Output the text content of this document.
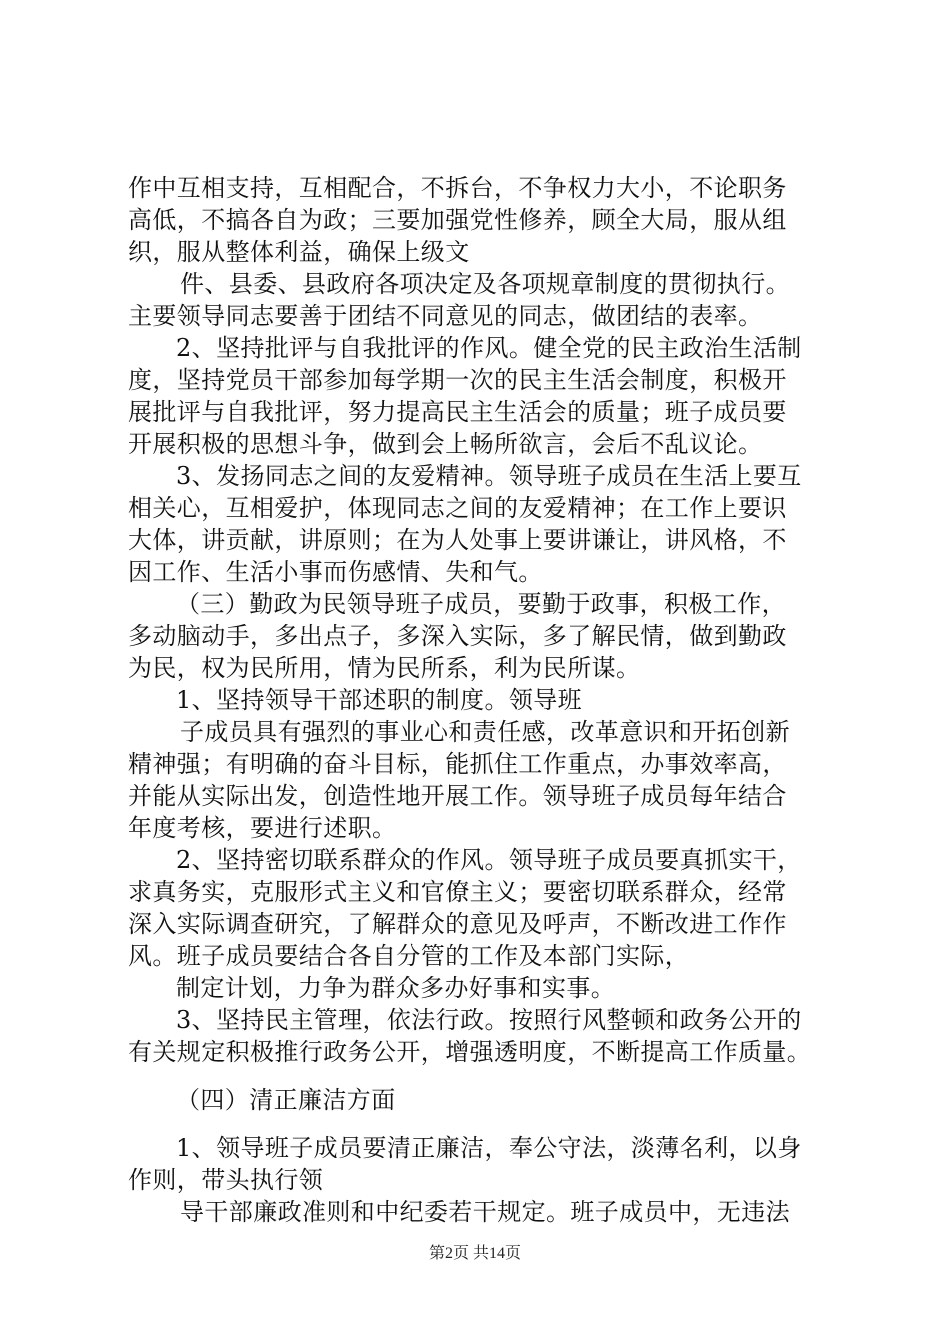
作中互相支持，互相配合，不拆台，不争权力大小，不论职务
高低，不搞各自为政；三要加强党性修养，顾全大局，服从组
织，服从整体利益，确保上级文
件、县委、县政府各项决定及各项规章制度的贯彻执行。
主要领导同志要善于团结不同意见的同志，做团结的表率。
2、坚持批评与自我批评的作风。健全党的民主政治生活制
度，坚持党员干部参加每学期一次的民主生活会制度，积极开
展批评与自我批评，努力提高民主生活会的质量；班子成员要
开展积极的思想斗争，做到会上畅所欲言，会后不乱议论。
3、发扬同志之间的友爱精神。领导班子成员在生活上要互
相关心，互相爱护，体现同志之间的友爱精神；在工作上要识
大体，讲贡献，讲原则；在为人处事上要讲谦让，讲风格，不
因工作、生活小事而伤感情、失和气。
（三）勤政为民领导班子成员，要勤于政事，积极工作，
多动脑动手，多出点子，多深入实际，多了解民情，做到勤政
为民，权为民所用，情为民所系，利为民所谋。
1、坚持领导干部述职的制度。领导班
子成员具有强烈的事业心和责任感，改革意识和开拓创新
精神强；有明确的奋斗目标，能抓住工作重点，办事效率高，
并能从实际出发，创造性地开展工作。领导班子成员每年结合
年度考核，要进行述职。
2、坚持密切联系群众的作风。领导班子成员要真抓实干，
求真务实，克服形式主义和官僚主义；要密切联系群众，经常
深入实际调查研究，了解群众的意见及呼声，不断改进工作作
风。班子成员要结合各自分管的工作及本部门实际，
制定计划，力争为群众多办好事和实事。
3、坚持民主管理，依法行政。按照行风整顿和政务公开的
有关规定积极推行政务公开，增强透明度，不断提高工作质量。
（四）清正廉洁方面
1、领导班子成员要清正廉洁，奉公守法，淡薄名利，以身
作则，带头执行领
导干部廉政准则和中纪委若干规定。班子成员中，无违法
第2页 共14页
